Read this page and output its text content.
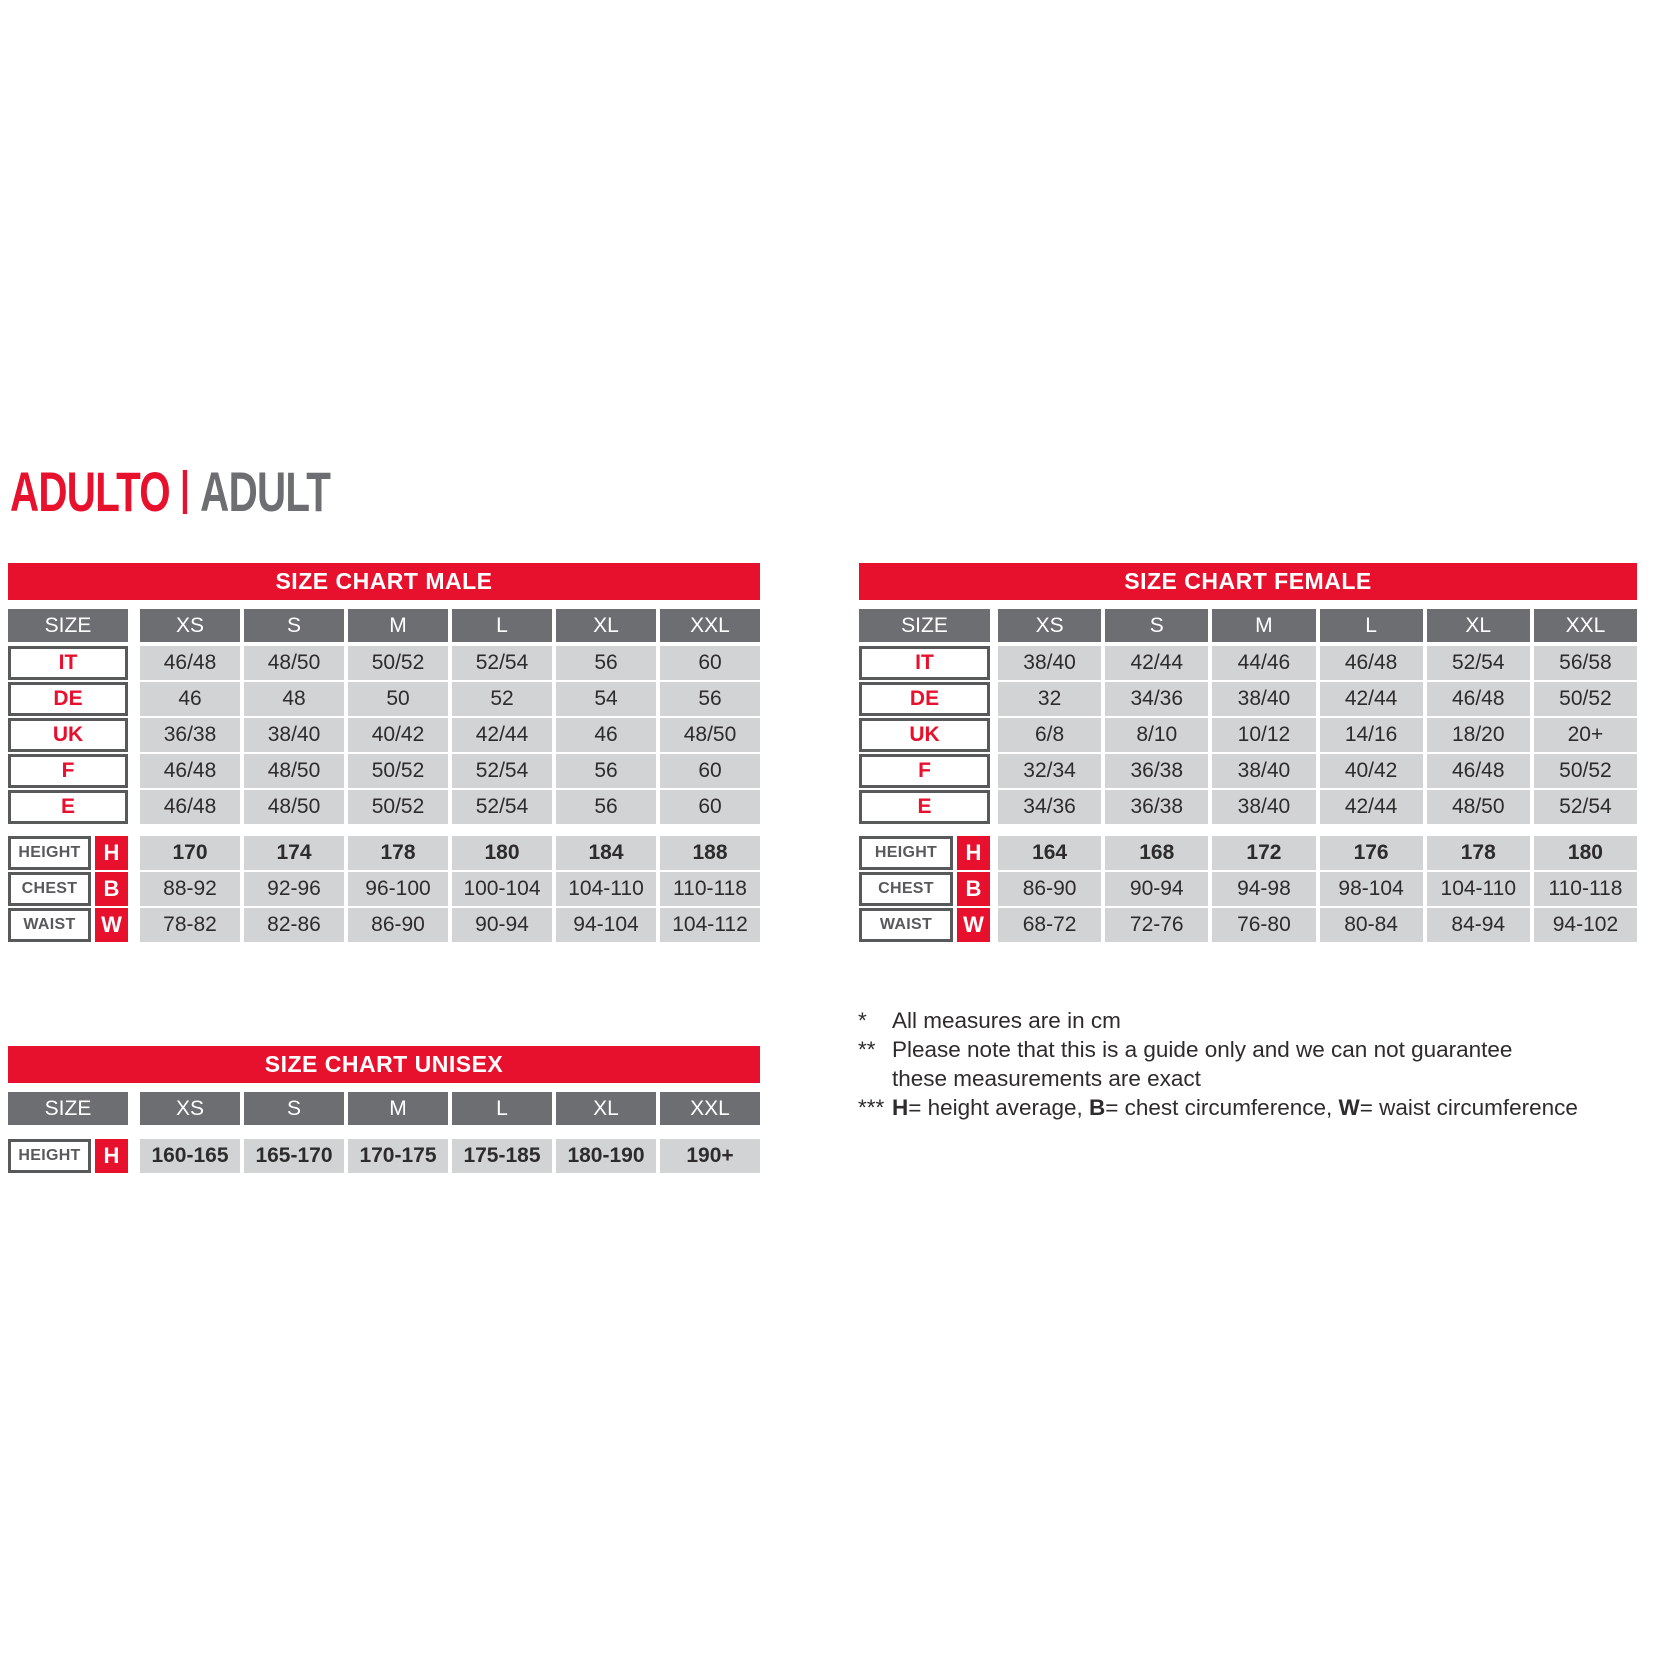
ADULTO ADULT
SIZE CHART MALE
SIZE	XS	S	M	L	XL	XXL
IT	46/48	48/50	50/52	52/54	56	60
DE	46	48	50	52	54	56
UK	36/38	38/40	40/42	42/44	46	48/50
F	46/48	48/50	50/52	52/54	56	60
E	46/48	48/50	50/52	52/54	56	60
HEIGHT	H	170	174	178	180	184	188
CHEST	B	88-92	92-96	96-100	100-104	104-110	110-118
WAIST	W	78-82	82-86	86-90	90-94	94-104	104-112
SIZE CHART FEMALE
SIZE	XS	S	M	L	XL	XXL
IT	38/40	42/44	44/46	46/48	52/54	56/58
DE	32	34/36	38/40	42/44	46/48	50/52
UK	6/8	8/10	10/12	14/16	18/20	20+
F	32/34	36/38	38/40	40/42	46/48	50/52
E	34/36	36/38	38/40	42/44	48/50	52/54
HEIGHT	H	164	168	172	176	178	180
CHEST	B	86-90	90-94	94-98	98-104	104-110	110-118
WAIST	W	68-72	72-76	76-80	80-84	84-94	94-102
SIZE CHART UNISEX
SIZE	XS	S	M	L	XL	XXL
HEIGHT	H	160-165	165-170	170-175	175-185	180-190	190+
*	All measures are in cm
** Please note that this is a guide only and we can not guarantee
these measurements are exact
*** H= height average, B= chest circumference, W= waist circumference
